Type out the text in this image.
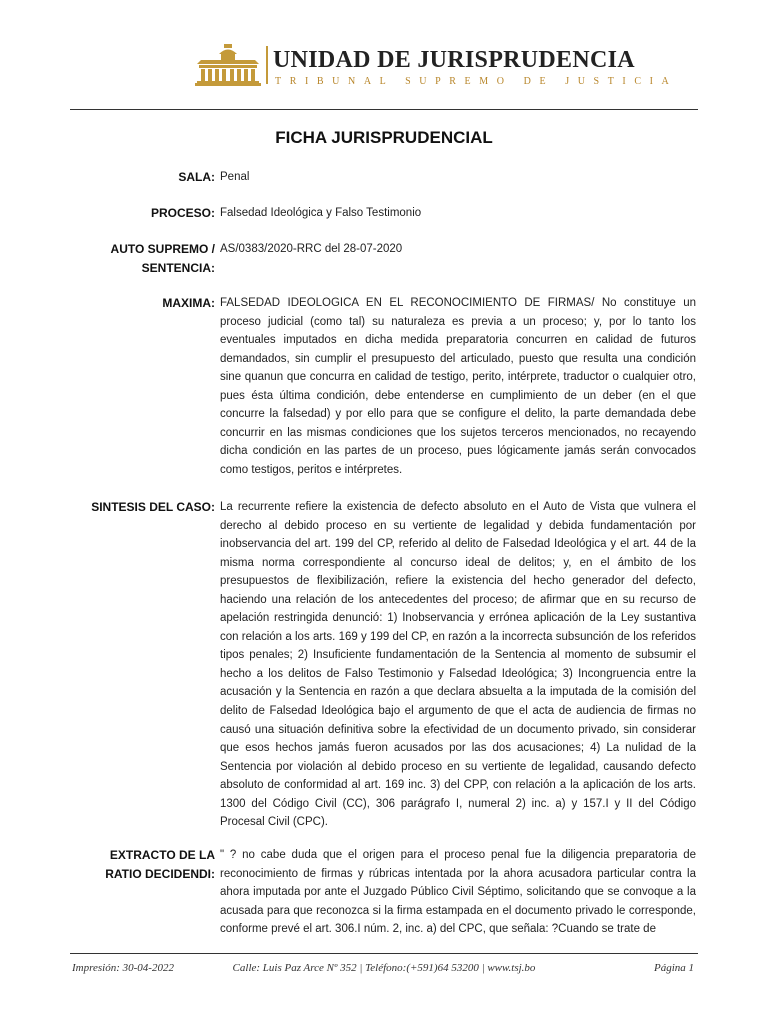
UNIDAD DE JURISPRUDENCIA
TRIBUNAL SUPREMO DE JUSTICIA
FICHA JURISPRUDENCIAL
SALA: Penal
PROCESO: Falsedad Ideológica y Falso Testimonio
AUTO SUPREMO /
SENTENCIA:
AS/0383/2020-RRC del 28-07-2020
MAXIMA: FALSEDAD IDEOLOGICA EN EL RECONOCIMIENTO DE FIRMAS/ No constituye un proceso judicial (como tal) su naturaleza es previa a un proceso; y, por lo tanto los eventuales imputados en dicha medida preparatoria concurren en calidad de futuros demandados, sin cumplir el presupuesto del articulado, puesto que resulta una condición sine quanun que concurra en calidad de testigo, perito, intérprete, traductor o cualquier otro, pues ésta última condición, debe entenderse en cumplimiento de un deber (en el que concurre la falsedad) y por ello para que se configure el delito, la parte demandada debe concurrir en las mismas condiciones que los sujetos terceros mencionados, no recayendo dicha condición en las partes de un proceso, pues lógicamente jamás serán convocados como testigos, peritos e intérpretes.
SINTESIS DEL CASO: La recurrente refiere la existencia de defecto absoluto en el Auto de Vista que vulnera el derecho al debido proceso en su vertiente de legalidad y debida fundamentación por inobservancia del art. 199 del CP, referido al delito de Falsedad Ideológica y el art. 44 de la misma norma correspondiente al concurso ideal de delitos; y, en el ámbito de los presupuestos de flexibilización, refiere la existencia del hecho generador del defecto, haciendo una relación de los antecedentes del proceso; de afirmar que en su recurso de apelación restringida denunció: 1) Inobservancia y errónea aplicación de la Ley sustantiva con relación a los arts. 169 y 199 del CP, en razón a la incorrecta subsunción de los referidos tipos penales; 2) Insuficiente fundamentación de la Sentencia al momento de subsumir el hecho a los delitos de Falso Testimonio y Falsedad Ideológica; 3) Incongruencia entre la acusación y la Sentencia en razón a que declara absuelta a la imputada de la comisión del delito de Falsedad Ideológica bajo el argumento de que el acta de audiencia de firmas no causó una situación definitiva sobre la efectividad de un documento privado, sin considerar que esos hechos jamás fueron acusados por las dos acusaciones; 4) La nulidad de la Sentencia por violación al debido proceso en su vertiente de legalidad, causando defecto absoluto de conformidad al art. 169 inc. 3) del CPP, con relación a la aplicación de los arts. 1300 del Código Civil (CC), 306 parágrafo I, numeral 2) inc. a) y 157.I y II del Código Procesal Civil (CPC).
EXTRACTO DE LA
RATIO DECIDENDI:
" ? no cabe duda que el origen para el proceso penal fue la diligencia preparatoria de reconocimiento de firmas y rúbricas intentada por la ahora acusadora particular contra la ahora imputada por ante el Juzgado Público Civil Séptimo, solicitando que se convoque a la acusada para que reconozca si la firma estampada en el documento privado le corresponde, conforme prevé el art. 306.I núm. 2, inc. a) del CPC, que señala: ?Cuando se trate de
Impresión: 30-04-2022	Calle: Luis Paz Arce Nº 352 | Teléfono:(+591)64 53200 | www.tsj.bo	Página 1
